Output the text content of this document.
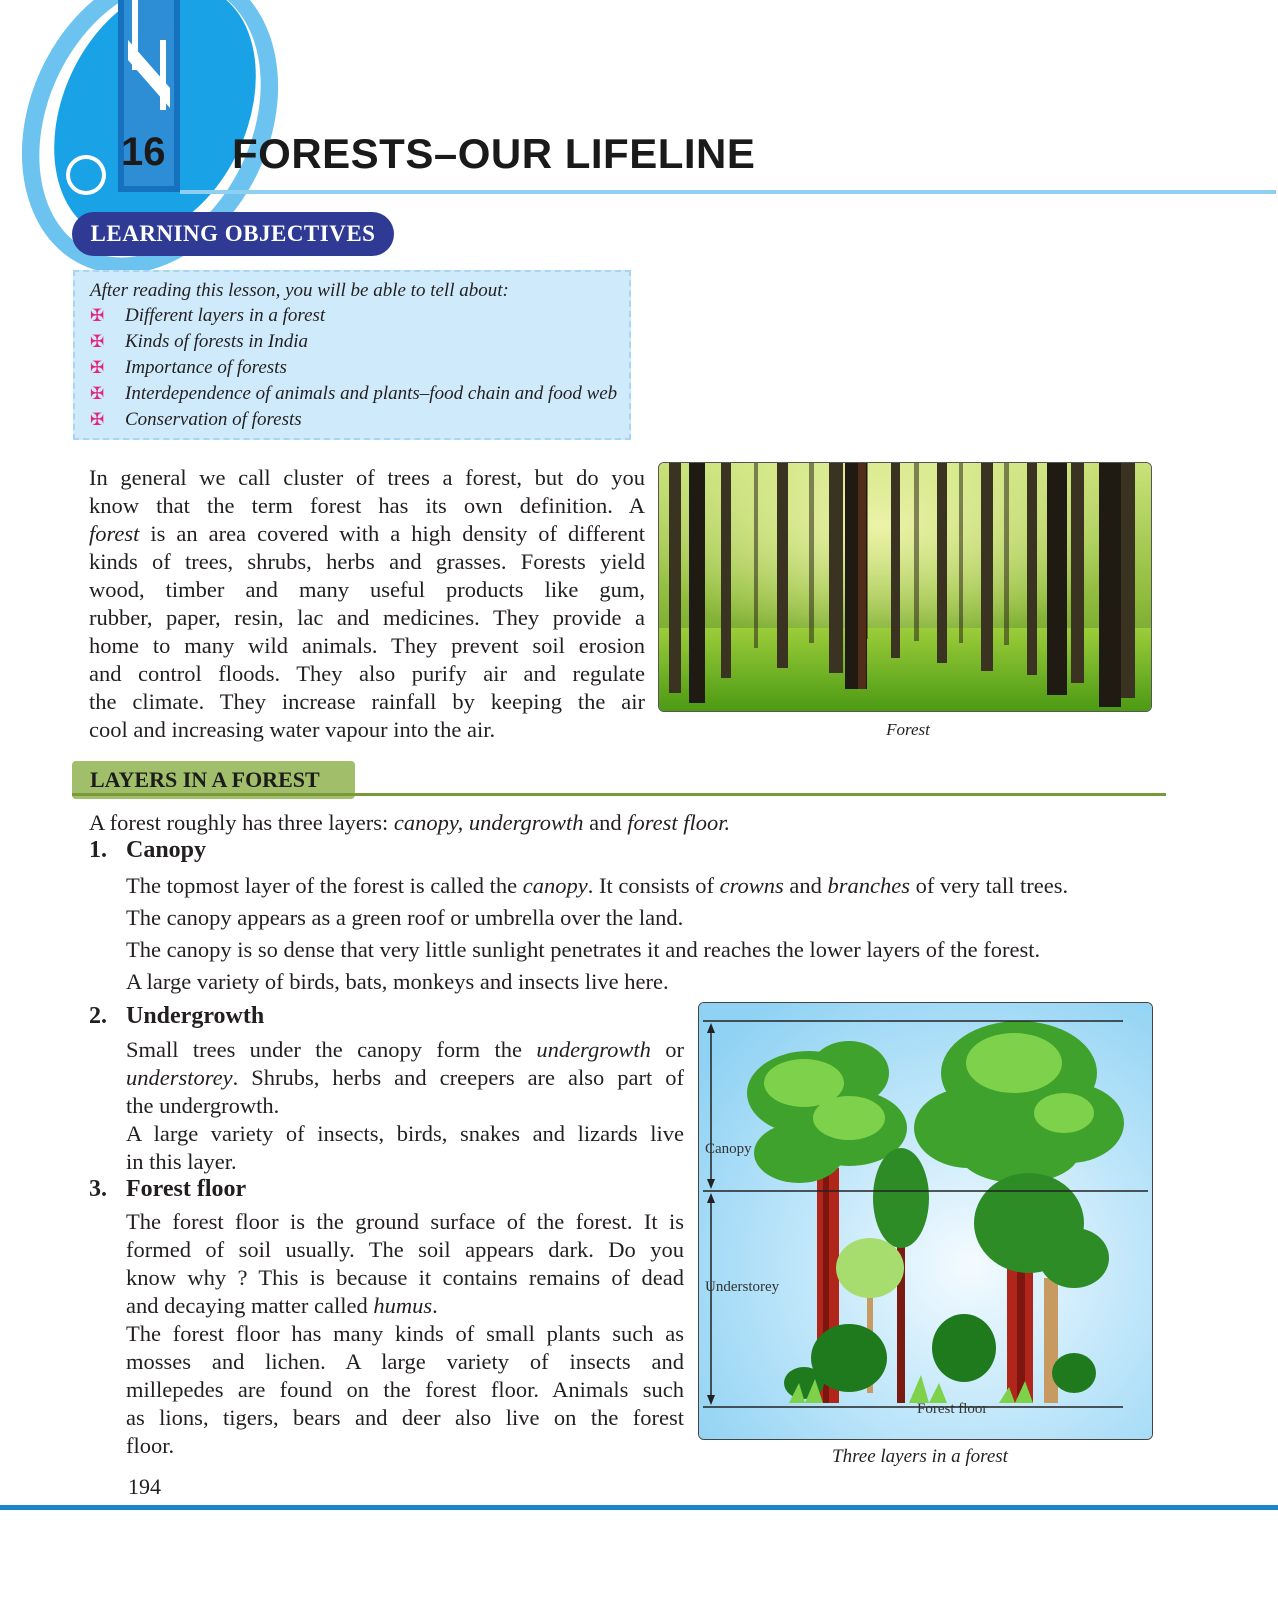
16	FORESTS–OUR LIFELINE
LEARNING OBJECTIVES
After reading this lesson, you will be able to tell about:
✠ Different layers in a forest
✠ Kinds of forests in India
✠ Importance of forests
✠ Interdependence of animals and plants–food chain and food web
✠ Conservation of forests
In general we call cluster of trees a forest, but do you
know that the term forest has its own definition. A
forest is an area covered with a high density of different
kinds of trees, shrubs, herbs and grasses. Forests yield
wood, timber and many useful products like gum,
rubber, paper, resin, lac and medicines. They provide a
home to many wild animals. They prevent soil erosion
and control floods. They also purify air and regulate
the climate. They increase rainfall by keeping the air
cool and increasing water vapour into the air.	Forest
LAYERS IN A FOREST
A forest roughly has three layers: canopy, undergrowth and forest floor.
1. Canopy
The topmost layer of the forest is called the canopy. It consists of crowns and branches of very tall trees.
The canopy appears as a green roof or umbrella over the land.
The canopy is so dense that very little sunlight penetrates it and reaches the lower layers of the forest.
A large variety of birds, bats, monkeys and insects live here.
2. Undergrowth
Small trees under the canopy form the undergrowth or
understorey. Shrubs, herbs and creepers are also part of
the undergrowth.
A large variety of insects, birds, snakes and lizards live
in this layer.
3. Forest floor
The forest floor is the ground surface of the forest. It is
formed of soil usually. The soil appears dark. Do you
know why ? This is because it contains remains of dead
and decaying matter called humus.
The forest floor has many kinds of small plants such as
mosses and lichen. A large variety of insects and
millepedes are found on the forest floor. Animals such
as lions, tigers, bears and deer also live on the forest
floor.
Canopy
Understorey
Forest floor
Three layers in a forest
194
